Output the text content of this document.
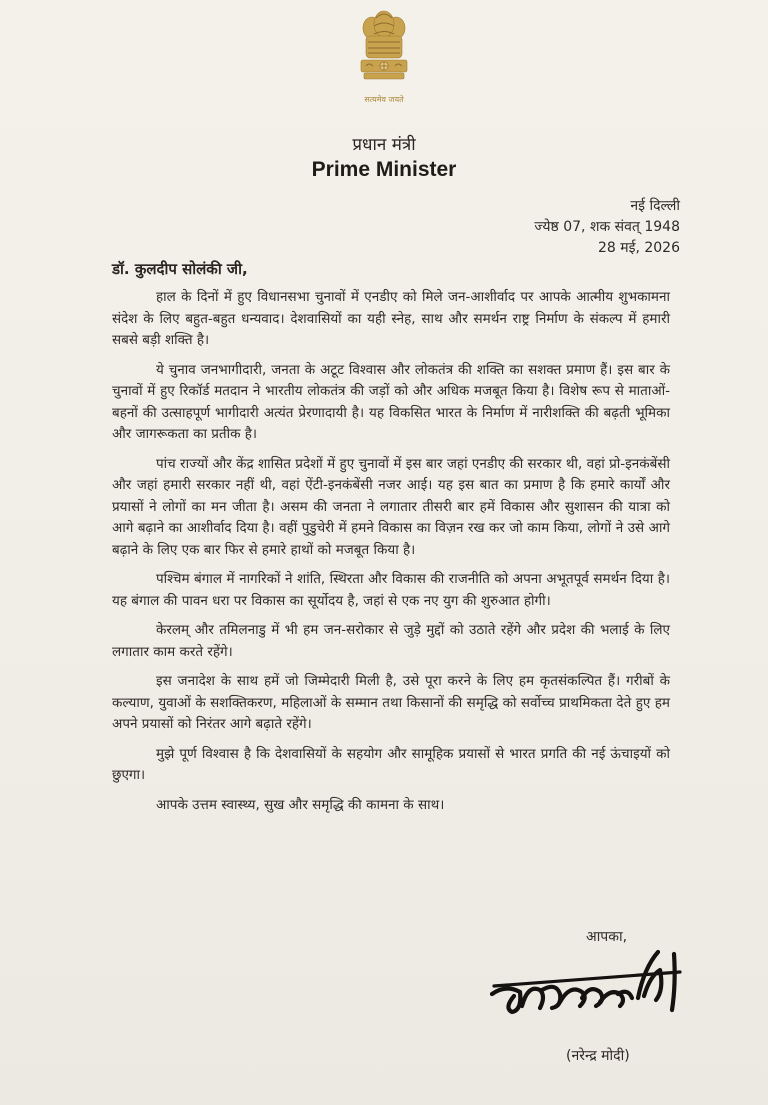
सत्यमेव जयते
प्रधान मंत्री
Prime Minister
नई दिल्ली
ज्येष्ठ 07, शक संवत् 1948
28 मई, 2026
डॉ. कुलदीप सोलंकी जी,

हाल के दिनों में हुए विधानसभा चुनावों में एनडीए को मिले जन-आशीर्वाद पर आपके आत्मीय शुभकामना संदेश के लिए बहुत-बहुत धन्यवाद। देशवासियों का यही स्नेह, साथ और समर्थन राष्ट्र निर्माण के संकल्प में हमारी सबसे बड़ी शक्ति है।

ये चुनाव जनभागीदारी, जनता के अटूट विश्वास और लोकतंत्र की शक्ति का सशक्त प्रमाण हैं। इस बार के चुनावों में हुए रिकॉर्ड मतदान ने भारतीय लोकतंत्र की जड़ों को और अधिक मजबूत किया है। विशेष रूप से माताओं-बहनों की उत्साहपूर्ण भागीदारी अत्यंत प्रेरणादायी है। यह विकसित भारत के निर्माण में नारीशक्ति की बढ़ती भूमिका और जागरूकता का प्रतीक है।

पांच राज्यों और केंद्र शासित प्रदेशों में हुए चुनावों में इस बार जहां एनडीए की सरकार थी, वहां प्रो-इनकंबेंसी और जहां हमारी सरकार नहीं थी, वहां ऐंटी-इनकंबेंसी नजर आई। यह इस बात का प्रमाण है कि हमारे कार्यों और प्रयासों ने लोगों का मन जीता है। असम की जनता ने लगातार तीसरी बार हमें विकास और सुशासन की यात्रा को आगे बढ़ाने का आशीर्वाद दिया है। वहीं पुडुचेरी में हमने विकास का विज़न रख कर जो काम किया, लोगों ने उसे आगे बढ़ाने के लिए एक बार फिर से हमारे हाथों को मजबूत किया है।

पश्चिम बंगाल में नागरिकों ने शांति, स्थिरता और विकास की राजनीति को अपना अभूतपूर्व समर्थन दिया है। यह बंगाल की पावन धरा पर विकास का सूर्योदय है, जहां से एक नए युग की शुरुआत होगी।

केरलम् और तमिलनाडु में भी हम जन-सरोकार से जुड़े मुद्दों को उठाते रहेंगे और प्रदेश की भलाई के लिए लगातार काम करते रहेंगे।

इस जनादेश के साथ हमें जो जिम्मेदारी मिली है, उसे पूरा करने के लिए हम कृतसंकल्पित हैं। गरीबों के कल्याण, युवाओं के सशक्तिकरण, महिलाओं के सम्मान तथा किसानों की समृद्धि को सर्वोच्च प्राथमिकता देते हुए हम अपने प्रयासों को निरंतर आगे बढ़ाते रहेंगे।

मुझे पूर्ण विश्वास है कि देशवासियों के सहयोग और सामूहिक प्रयासों से भारत प्रगति की नई ऊंचाइयों को छुएगा।

आपके उत्तम स्वास्थ्य, सुख और समृद्धि की कामना के साथ।

आपका,
(नरेन्द्र मोदी)
